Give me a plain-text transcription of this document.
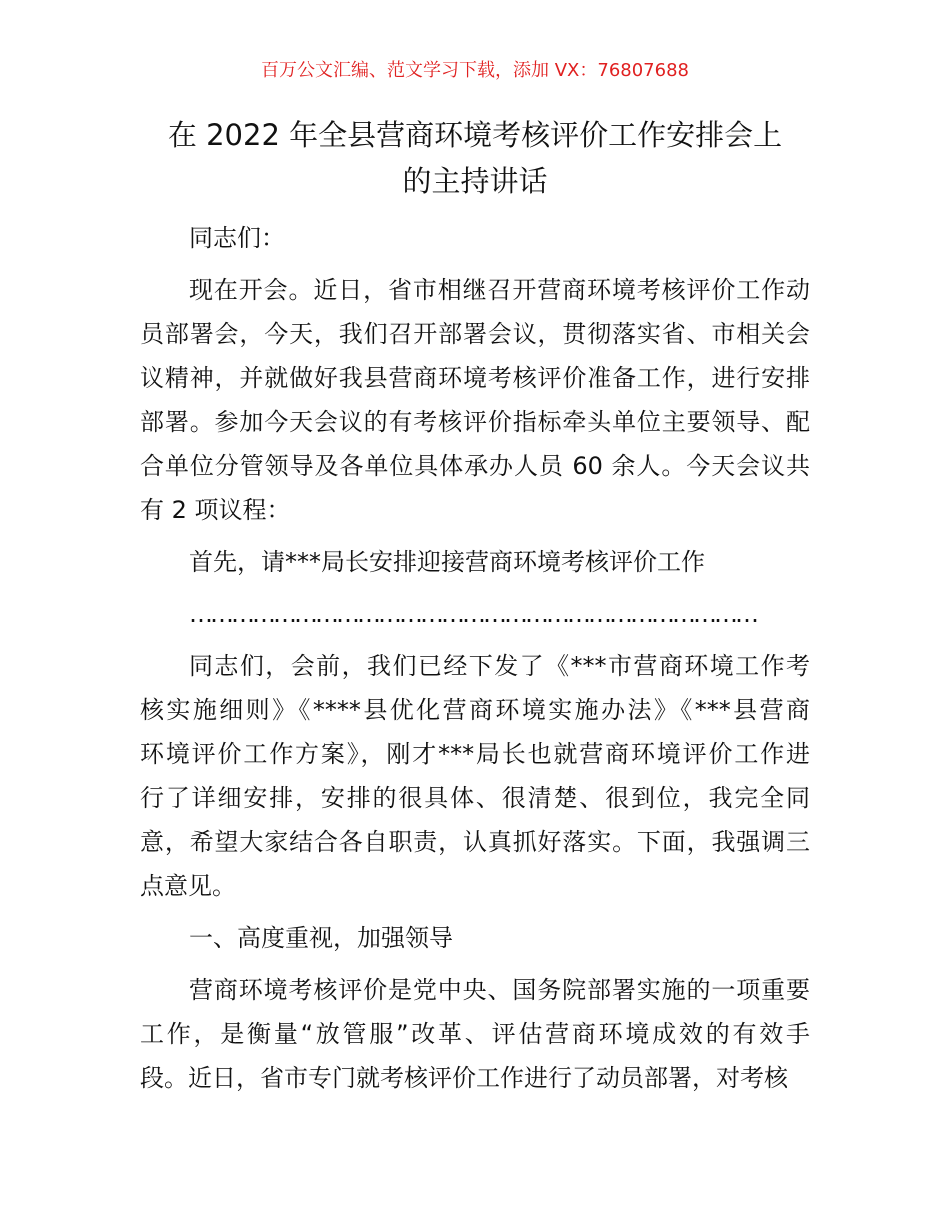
百万公文汇编、范文学习下载，添加 VX：76807688
在 2022 年全县营商环境考核评价工作安排会上
的主持讲话
同志们：
现在开会。近日，省市相继召开营商环境考核评价工作动
员部署会，今天，我们召开部署会议，贯彻落实省、市相关会
议精神，并就做好我县营商环境考核评价准备工作，进行安排
部署。参加今天会议的有考核评价指标牵头单位主要领导、配
合单位分管领导及各单位具体承办人员 60 余人。今天会议共
有 2 项议程：
首先，请***局长安排迎接营商环境考核评价工作
………………………………………………………………………
同志们，会前，我们已经下发了《***市营商环境工作考
核实施细则》《****县优化营商环境实施办法》《***县营商
环境评价工作方案》，刚才***局长也就营商环境评价工作进
行了详细安排，安排的很具体、很清楚、很到位，我完全同
意，希望大家结合各自职责，认真抓好落实。下面，我强调三
点意见。
一、高度重视，加强领导
营商环境考核评价是党中央、国务院部署实施的一项重要
工作，是衡量“放管服”改革、评估营商环境成效的有效手
段。近日，省市专门就考核评价工作进行了动员部署，对考核
